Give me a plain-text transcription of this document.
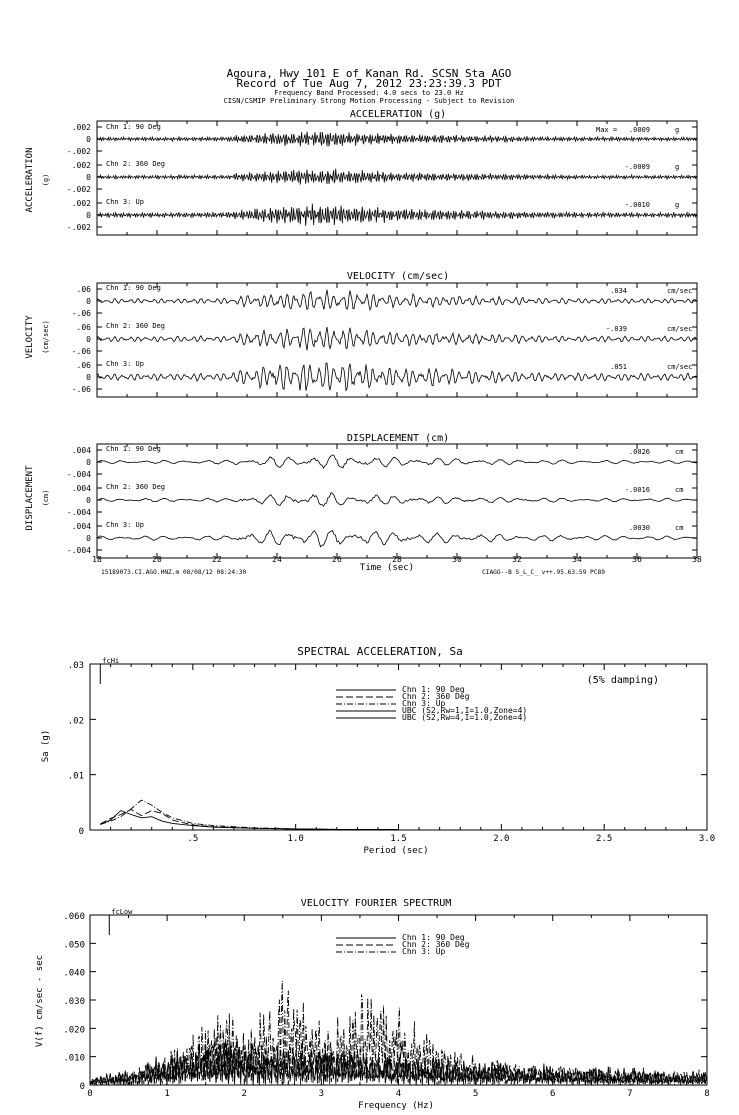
Agoura, Hwy 101 E of Kanan Rd. SCSN Sta AGO
Record of Tue Aug 7, 2012 23:23:39.3 PDT
Frequency Band Processed: 4.0 secs to 23.0 Hz
CISN/CSMIP Preliminary Strong Motion Processing - Subject to Revision
ACCELERATION (g)
ACCELERATION (g)
.002
0
-.002
.002
0
-.002
.002
0
-.002
Chn 1: 90 Deg
Chn 2: 360 Deg
Chn 3: Up
Max = .0009	g
-.0009	g
-.0010	g
VELOCITY (cm/sec)
VELOCITY (cm/sec)
.06
0
-.06
.06
0
-.06
.06
0
-.06
Chn 1: 90 Deg
Chn 2: 360 Deg
Chn 3: Up
.034	cm/sec
-.039	cm/sec
.051	cm/sec
DISPLACEMENT (cm)
DISPLACEMENT (cm)
.004
0
-.004
.004
0
-.004
.004
0
-.004
18	20	22	24	26	28	30	32	34	36	38
Chn 1: 90 Deg
Chn 2: 360 Deg
Chn 3: Up
.0026	cm
-.0016	cm
.0030	cm
Time (sec)
15189073.CI.AGO.HNZ.m 08/08/12 08:24:30	CIAGO--B S_L_C_ v++.95.63.59 PC89
SPECTRAL ACCELERATION, Sa
Sa (g)
0
.01
.02
.03
.5	1.0	1.5	2.0	2.5	3.0
Period (sec)
fcHi
(5% damping)
Chn 1: 90 Deg
Chn 2: 360 Deg
Chn 3: Up
UBC (S2,Rw=1,I=1.0,Zone=4)
UBC (S2,Rw=4,I=1.0,Zone=4)
VELOCITY FOURIER SPECTRUM
V(f) cm/sec - sec
0
.010
.020
.030
.040
.050
.060
0	1	2	3	4	5	6	7	8
Frequency (Hz)
fcLow
Chn 1: 90 Deg
Chn 2: 360 Deg
Chn 3: Up
